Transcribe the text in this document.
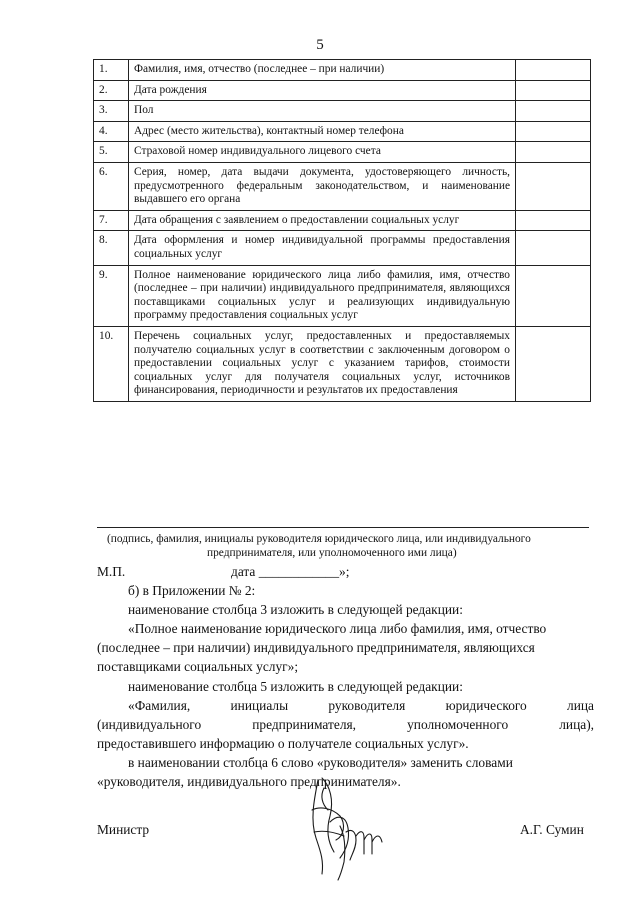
5
1.	Фамилия, имя, отчество (последнее – при наличии)	
2.	Дата рождения	
3.	Пол	
4.	Адрес (место жительства), контактный номер телефона	
5.	Страховой номер индивидуального лицевого счета	
6.	Серия, номер, дата выдачи документа, удостоверяющего личность, предусмотренного федеральным законодательством, и наименование выдавшего его органа	
7.	Дата обращения с заявлением о предоставлении социальных услуг	
8.	Дата оформления и номер индивидуальной программы предоставления социальных услуг	
9.	Полное наименование юридического лица либо фамилия, имя, отчество (последнее – при наличии) индивидуального предпринимателя, являющихся поставщиками социальных услуг и реализующих индивидуальную программу предоставления социальных услуг	
10.	Перечень социальных услуг, предоставленных и предоставляемых получателю социальных услуг в соответствии с заключенным договором о предоставлении социальных услуг с указанием тарифов, стоимости социальных услуг для получателя социальных услуг, источников финансирования, периодичности и результатов их предоставления	
(подпись, фамилия, инициалы руководителя юридического лица, или индивидуального
предпринимателя, или уполномоченного ими лица)
М.П.	дата ____________»;
б) в Приложении № 2:
наименование столбца 3 изложить в следующей редакции:
«Полное наименование юридического лица либо фамилия, имя, отчество
(последнее – при наличии) индивидуального предпринимателя, являющихся
поставщиками социальных услуг»;
наименование столбца 5 изложить в следующей редакции:
«Фамилия, инициалы руководителя юридического лица
(индивидуального предпринимателя, уполномоченного лица),
предоставившего информацию о получателе социальных услуг».
в наименовании столбца 6 слово «руководителя» заменить словами
«руководителя, индивидуального предпринимателя».
Министр	А.Г. Сумин
